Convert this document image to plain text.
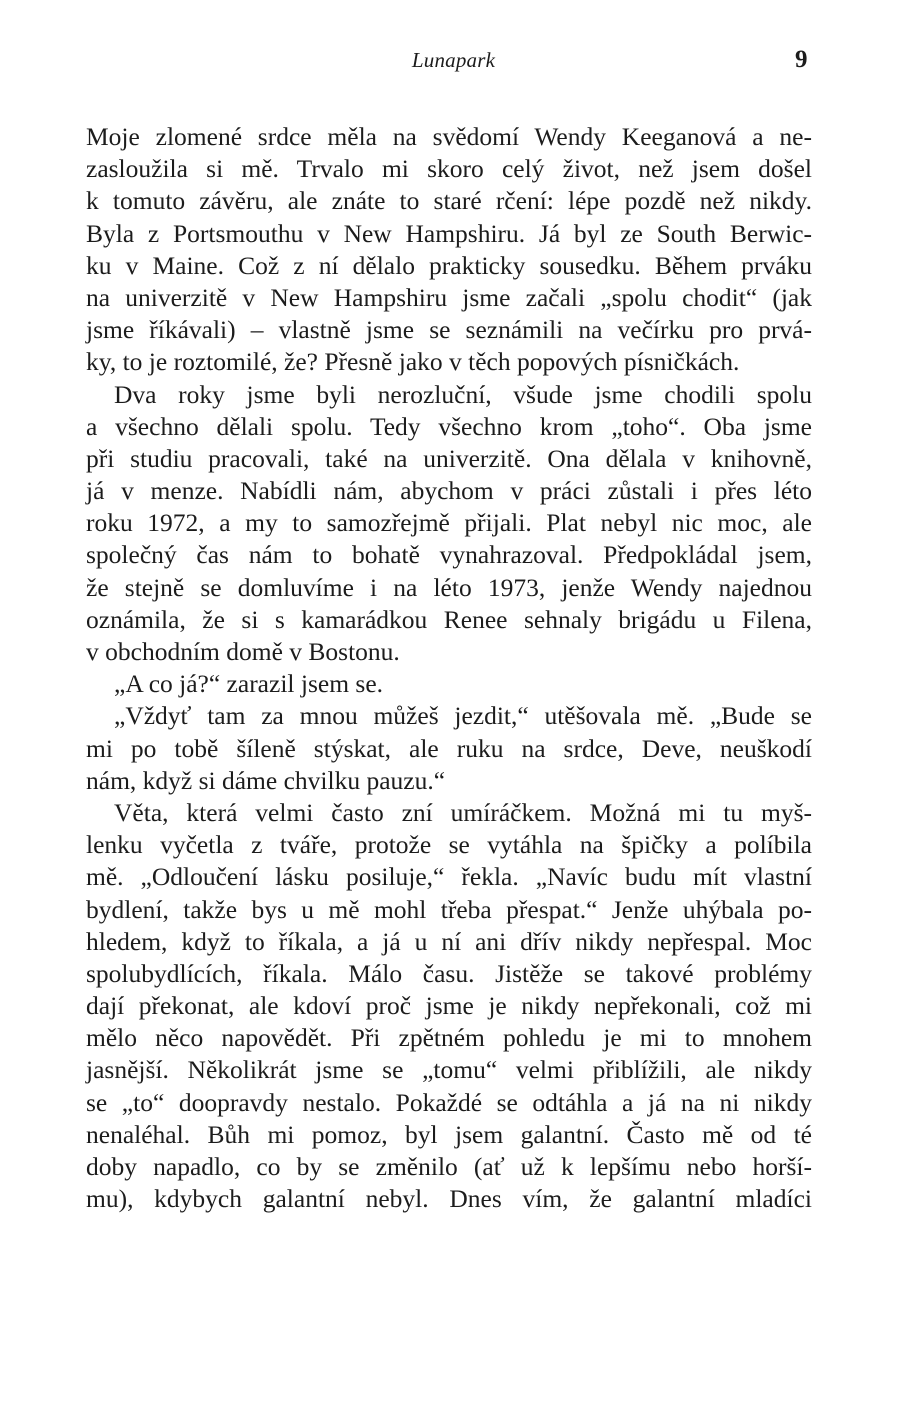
Lunapark	9
Moje zlomené srdce měla na svědomí Wendy Keeganová a ne-
zasloužila si mě. Trvalo mi skoro celý život, než jsem došel
k tomuto závěru, ale znáte to staré rčení: lépe pozdě než nikdy.
Byla z Portsmouthu v New Hampshiru. Já byl ze South Berwic-
ku v Maine. Což z ní dělalo prakticky sousedku. Během prváku
na univerzitě v New Hampshiru jsme začali „spolu chodit“ (jak
jsme říkávali) – vlastně jsme se seznámili na večírku pro prvá-
ky, to je roztomilé, že? Přesně jako v těch popových písničkách.
Dva roky jsme byli nerozluční, všude jsme chodili spolu
a všechno dělali spolu. Tedy všechno krom „toho“. Oba jsme
při studiu pracovali, také na univerzitě. Ona dělala v knihovně,
já v menze. Nabídli nám, abychom v práci zůstali i přes léto
roku 1972, a my to samozřejmě přijali. Plat nebyl nic moc, ale
společný čas nám to bohatě vynahrazoval. Předpokládal jsem,
že stejně se domluvíme i na léto 1973, jenže Wendy najednou
oznámila, že si s kamarádkou Renee sehnaly brigádu u Filena,
v obchodním domě v Bostonu.
„A co já?“ zarazil jsem se.
„Vždyť tam za mnou můžeš jezdit,“ utěšovala mě. „Bude se
mi po tobě šíleně stýskat, ale ruku na srdce, Deve, neuškodí
nám, když si dáme chvilku pauzu.“
Věta, která velmi často zní umíráčkem. Možná mi tu myš-
lenku vyčetla z tváře, protože se vytáhla na špičky a políbila
mě. „Odloučení lásku posiluje,“ řekla. „Navíc budu mít vlastní
bydlení, takže bys u mě mohl třeba přespat.“ Jenže uhýbala po-
hledem, když to říkala, a já u ní ani dřív nikdy nepřespal. Moc
spolubydlících, říkala. Málo času. Jistěže se takové problémy
dají překonat, ale kdoví proč jsme je nikdy nepřekonali, což mi
mělo něco napovědět. Při zpětném pohledu je mi to mnohem
jasnější. Několikrát jsme se „tomu“ velmi přiblížili, ale nikdy
se „to“ doopravdy nestalo. Pokaždé se odtáhla a já na ni nikdy
nenaléhal. Bůh mi pomoz, byl jsem galantní. Často mě od té
doby napadlo, co by se změnilo (ať už k lepšímu nebo horší-
mu), kdybych galantní nebyl. Dnes vím, že galantní mladíci
